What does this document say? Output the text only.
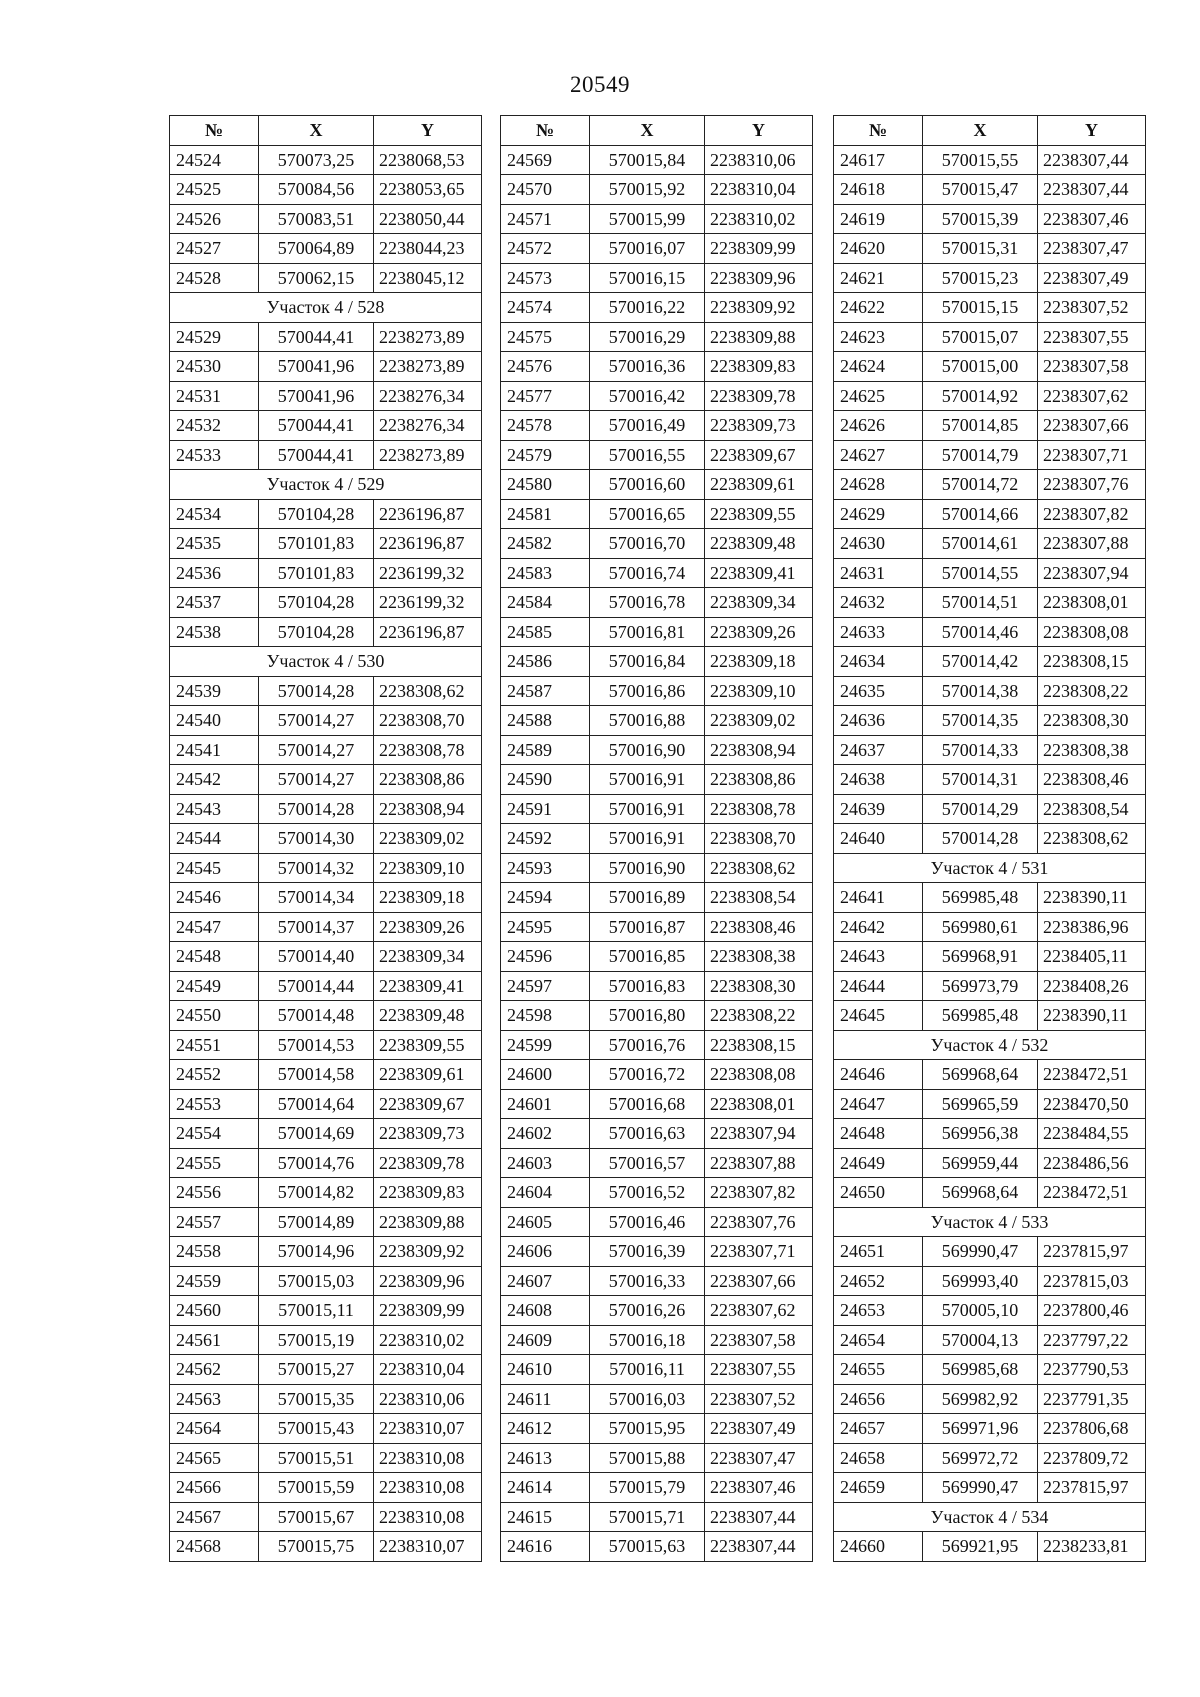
20549
№	X	Y
24524	570073,25	2238068,53
24525	570084,56	2238053,65
24526	570083,51	2238050,44
24527	570064,89	2238044,23
24528	570062,15	2238045,12
Участок 4 / 528		
24529	570044,41	2238273,89
24530	570041,96	2238273,89
24531	570041,96	2238276,34
24532	570044,41	2238276,34
24533	570044,41	2238273,89
Участок 4 / 529		
24534	570104,28	2236196,87
24535	570101,83	2236196,87
24536	570101,83	2236199,32
24537	570104,28	2236199,32
24538	570104,28	2236196,87
Участок 4 / 530		
24539	570014,28	2238308,62
24540	570014,27	2238308,70
24541	570014,27	2238308,78
24542	570014,27	2238308,86
24543	570014,28	2238308,94
24544	570014,30	2238309,02
24545	570014,32	2238309,10
24546	570014,34	2238309,18
24547	570014,37	2238309,26
24548	570014,40	2238309,34
24549	570014,44	2238309,41
24550	570014,48	2238309,48
24551	570014,53	2238309,55
24552	570014,58	2238309,61
24553	570014,64	2238309,67
24554	570014,69	2238309,73
24555	570014,76	2238309,78
24556	570014,82	2238309,83
24557	570014,89	2238309,88
24558	570014,96	2238309,92
24559	570015,03	2238309,96
24560	570015,11	2238309,99
24561	570015,19	2238310,02
24562	570015,27	2238310,04
24563	570015,35	2238310,06
24564	570015,43	2238310,07
24565	570015,51	2238310,08
24566	570015,59	2238310,08
24567	570015,67	2238310,08
24568	570015,75	2238310,07
№	X	Y
24569	570015,84	2238310,06
24570	570015,92	2238310,04
24571	570015,99	2238310,02
24572	570016,07	2238309,99
24573	570016,15	2238309,96
24574	570016,22	2238309,92
24575	570016,29	2238309,88
24576	570016,36	2238309,83
24577	570016,42	2238309,78
24578	570016,49	2238309,73
24579	570016,55	2238309,67
24580	570016,60	2238309,61
24581	570016,65	2238309,55
24582	570016,70	2238309,48
24583	570016,74	2238309,41
24584	570016,78	2238309,34
24585	570016,81	2238309,26
24586	570016,84	2238309,18
24587	570016,86	2238309,10
24588	570016,88	2238309,02
24589	570016,90	2238308,94
24590	570016,91	2238308,86
24591	570016,91	2238308,78
24592	570016,91	2238308,70
24593	570016,90	2238308,62
24594	570016,89	2238308,54
24595	570016,87	2238308,46
24596	570016,85	2238308,38
24597	570016,83	2238308,30
24598	570016,80	2238308,22
24599	570016,76	2238308,15
24600	570016,72	2238308,08
24601	570016,68	2238308,01
24602	570016,63	2238307,94
24603	570016,57	2238307,88
24604	570016,52	2238307,82
24605	570016,46	2238307,76
24606	570016,39	2238307,71
24607	570016,33	2238307,66
24608	570016,26	2238307,62
24609	570016,18	2238307,58
24610	570016,11	2238307,55
24611	570016,03	2238307,52
24612	570015,95	2238307,49
24613	570015,88	2238307,47
24614	570015,79	2238307,46
24615	570015,71	2238307,44
24616	570015,63	2238307,44
№	X	Y
24617	570015,55	2238307,44
24618	570015,47	2238307,44
24619	570015,39	2238307,46
24620	570015,31	2238307,47
24621	570015,23	2238307,49
24622	570015,15	2238307,52
24623	570015,07	2238307,55
24624	570015,00	2238307,58
24625	570014,92	2238307,62
24626	570014,85	2238307,66
24627	570014,79	2238307,71
24628	570014,72	2238307,76
24629	570014,66	2238307,82
24630	570014,61	2238307,88
24631	570014,55	2238307,94
24632	570014,51	2238308,01
24633	570014,46	2238308,08
24634	570014,42	2238308,15
24635	570014,38	2238308,22
24636	570014,35	2238308,30
24637	570014,33	2238308,38
24638	570014,31	2238308,46
24639	570014,29	2238308,54
24640	570014,28	2238308,62
Участок 4 / 531		
24641	569985,48	2238390,11
24642	569980,61	2238386,96
24643	569968,91	2238405,11
24644	569973,79	2238408,26
24645	569985,48	2238390,11
Участок 4 / 532		
24646	569968,64	2238472,51
24647	569965,59	2238470,50
24648	569956,38	2238484,55
24649	569959,44	2238486,56
24650	569968,64	2238472,51
Участок 4 / 533		
24651	569990,47	2237815,97
24652	569993,40	2237815,03
24653	570005,10	2237800,46
24654	570004,13	2237797,22
24655	569985,68	2237790,53
24656	569982,92	2237791,35
24657	569971,96	2237806,68
24658	569972,72	2237809,72
24659	569990,47	2237815,97
Участок 4 / 534		
24660	569921,95	2238233,81
